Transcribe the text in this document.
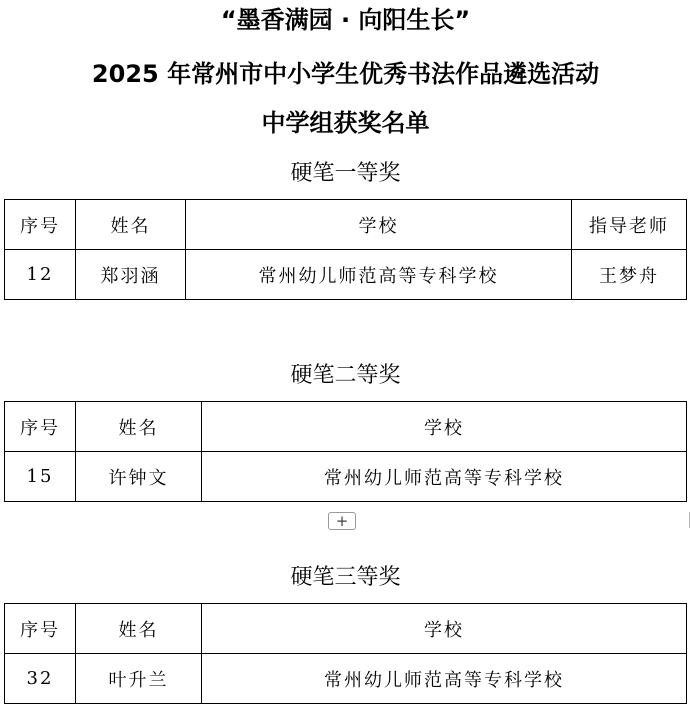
“墨香满园 · 向阳生长”
2025 年常州市中小学生优秀书法作品遴选活动
中学组获奖名单
硬笔一等奖
序号	姓名	学校	指导老师
12	郑羽涵	常州幼儿师范高等专科学校	王梦舟
硬笔二等奖
序号	姓名	学校
15	许钟文	常州幼儿师范高等专科学校
+
硬笔三等奖
序号	姓名	学校
32	叶升兰	常州幼儿师范高等专科学校
